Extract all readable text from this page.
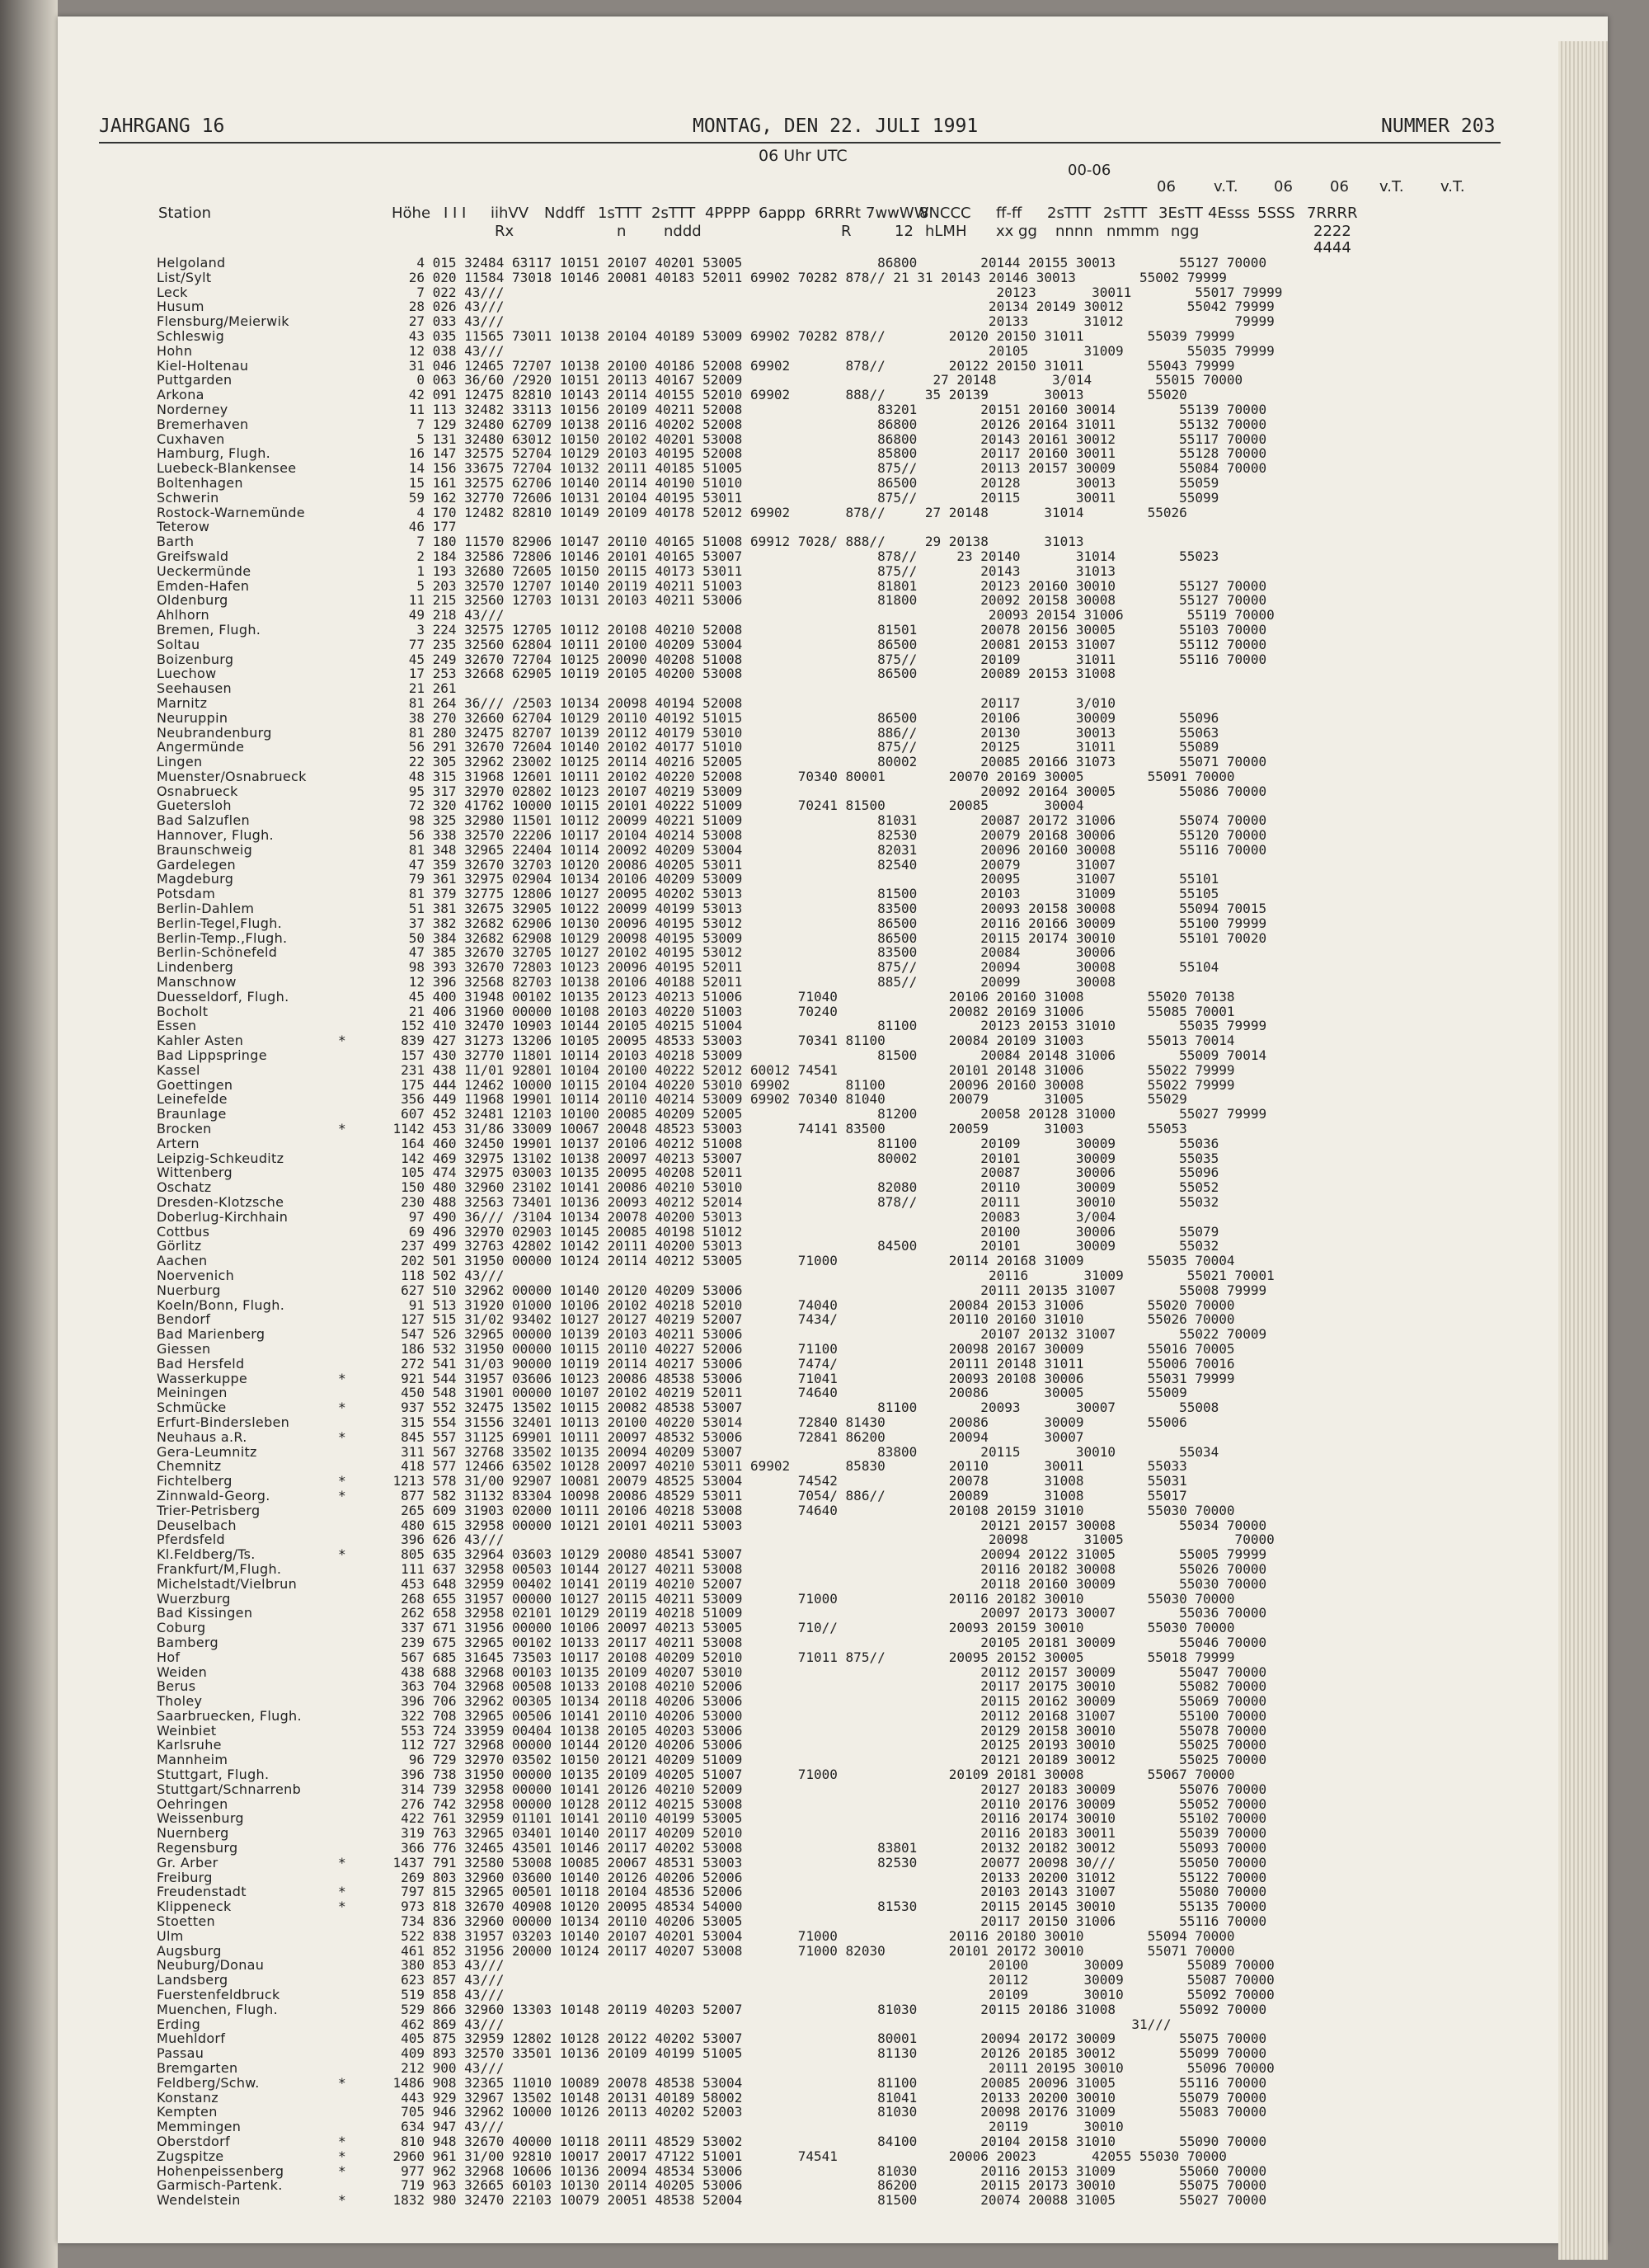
JAHRGANG 16	MONTAG, DEN 22. JULI 1991	NUMMER 203
06 Uhr UTC
00-06
06	v.T. 06	06 v.T. v.T.
Station	Höhe I I I iihVV Nddff 1sTTT 2sTTT 4PPPP 6appp 6RRRt 7wwWW
8NCCC ff-ff 2sTTT 2sTTT 3EsTT 4Esss 5SSS 7RRRR
Rx	n	nddd	R	12 hLMH xx gg nnnn nmmm ngg	2222
4444
Helgoland	4 015 32484 63117 10151 20107 40201 53005                 86800        20144 20155 30013        55127 70000
List/Sylt	26 020 11584 73018 10146 20081 40183 52011 69902 70282 878// 21 31 20143 20146 30013        55002 79999
Leck	7 022 43///                                                              20123       30011        55017 79999
Husum	28 026 43///                                                             20134 20149 30012        55042 79999
Flensburg/Meierwik	27 033 43///                                                             20133       31012              79999
Schleswig	43 035 11565 73011 10138 20104 40189 53009 69902 70282 878//        20120 20150 31011        55039 79999
Hohn	12 038 43///                                                             20105       31009        55035 79999
Kiel-Holtenau	31 046 12465 72707 10138 20100 40186 52008 69902       878//        20122 20150 31011        55043 79999
Puttgarden	0 063 36/60 /2920 10151 20113 40167 52009                        27 20148       3/014        55015 70000
Arkona	42 091 12475 82810 10143 20114 40155 52010 69902       888//     35 20139       30013        55020
Norderney	11 113 32482 33113 10156 20109 40211 52008                 83201        20151 20160 30014        55139 70000
Bremerhaven	7 129 32480 62709 10138 20116 40202 52008                 86800        20126 20164 31011        55132 70000
Cuxhaven	5 131 32480 63012 10150 20102 40201 53008                 86800        20143 20161 30012        55117 70000
Hamburg, Flugh.	16 147 32575 52704 10129 20103 40195 52008                 85800        20117 20160 30011        55128 70000
Luebeck-Blankensee	14 156 33675 72704 10132 20111 40185 51005                 875//        20113 20157 30009        55084 70000
Boltenhagen	15 161 32575 62706 10140 20114 40190 51010                 86500        20128       30013        55059
Schwerin	59 162 32770 72606 10131 20104 40195 53011                 875//        20115       30011        55099
Rostock-Warnemünde	4 170 12482 82810 10149 20109 40178 52012 69902       878//     27 20148       31014        55026
Teterow	46 177
Barth	7 180 11570 82906 10147 20110 40165 51008 69912 7028/ 888//     29 20138       31013
Greifswald	2 184 32586 72806 10146 20101 40165 53007                 878//     23 20140       31014        55023
Ueckermünde	1 193 32680 72605 10150 20115 40173 53011                 875//        20143       31013
Emden-Hafen	5 203 32570 12707 10140 20119 40211 51003                 81801        20123 20160 30010        55127 70000
Oldenburg	11 215 32560 12703 10131 20103 40211 53006                 81800        20092 20158 30008        55127 70000
Ahlhorn	49 218 43///                                                             20093 20154 31006        55119 70000
Bremen, Flugh.	3 224 32575 12705 10112 20108 40210 52008                 81501        20078 20156 30005        55103 70000
Soltau	77 235 32560 62804 10111 20100 40209 53004                 86500        20081 20153 31007        55112 70000
Boizenburg	45 249 32670 72704 10125 20090 40208 51008                 875//        20109       31011        55116 70000
Luechow	17 253 32668 62905 10119 20105 40200 53008                 86500        20089 20153 31008
Seehausen	21 261
Marnitz	81 264 36/// /2503 10134 20098 40194 52008                              20117       3/010
Neuruppin	38 270 32660 62704 10129 20110 40192 51015                 86500        20106       30009        55096
Neubrandenburg	81 280 32475 82707 10139 20112 40179 53010                 886//        20130       30013        55063
Angermünde	56 291 32670 72604 10140 20102 40177 51010                 875//        20125       31011        55089
Lingen	22 305 32962 23002 10125 20114 40216 52005                 80002        20085 20166 31073        55071 70000
Muenster/Osnabrueck	48 315 31968 12601 10111 20102 40220 52008       70340 80001        20070 20169 30005        55091 70000
Osnabrueck	95 317 32970 02802 10123 20107 40219 53009                              20092 20164 30005        55086 70000
Guetersloh	72 320 41762 10000 10115 20101 40222 51009       70241 81500        20085       30004
Bad Salzuflen	98 325 32980 11501 10112 20099 40221 51009                 81031        20087 20172 31006        55074 70000
Hannover, Flugh.	56 338 32570 22206 10117 20104 40214 53008                 82530        20079 20168 30006        55120 70000
Braunschweig	81 348 32965 22404 10114 20092 40209 53004                 82031        20096 20160 30008        55116 70000
Gardelegen	47 359 32670 32703 10120 20086 40205 53011                 82540        20079       31007
Magdeburg	79 361 32975 02904 10134 20106 40209 53009                              20095       31007        55101
Potsdam	81 379 32775 12806 10127 20095 40202 53013                 81500        20103       31009        55105
Berlin-Dahlem	51 381 32675 32905 10122 20099 40199 53013                 83500        20093 20158 30008        55094 70015
Berlin-Tegel,Flugh.	37 382 32682 62906 10130 20096 40195 53012                 86500        20116 20166 30009        55100 79999
Berlin-Temp.,Flugh.	50 384 32682 62908 10129 20098 40195 53009                 86500        20115 20174 30010        55101 70020
Berlin-Schönefeld	47 385 32670 32705 10127 20102 40195 53012                 83500        20084       30006
Lindenberg	98 393 32670 72803 10123 20096 40195 52011                 875//        20094       30008        55104
Manschnow	12 396 32568 82703 10138 20106 40188 52011                 885//        20099       30008
Duesseldorf, Flugh.	45 400 31948 00102 10135 20123 40213 51006       71040              20106 20160 31008        55020 70138
Bocholt	21 406 31960 00000 10108 20103 40220 51003       70240              20082 20169 31006        55085 70001
Essen	152 410 32470 10903 10144 20105 40215 51004                 81100        20123 20153 31010        55035 79999
Kahler Asten	*	839 427 31273 13206 10105 20095 48533 53003       70341 81100        20084 20109 31003        55013 70014
Bad Lippspringe	157 430 32770 11801 10114 20103 40218 53009                 81500        20084 20148 31006        55009 70014
Kassel	231 438 11/01 92801 10104 20100 40222 52012 60012 74541              20101 20148 31006        55022 79999
Goettingen	175 444 12462 10000 10115 20104 40220 53010 69902       81100        20096 20160 30008        55022 79999
Leinefelde	356 449 11968 19901 10114 20110 40214 53009 69902 70340 81040        20079       31005        55029
Braunlage	607 452 32481 12103 10100 20085 40209 52005                 81200        20058 20128 31000        55027 79999
Brocken	*	1142 453 31/86 33009 10067 20048 48523 53003       74141 83500        20059       31003        55053
Artern	164 460 32450 19901 10137 20106 40212 51008                 81100        20109       30009        55036
Leipzig-Schkeuditz	142 469 32975 13102 10138 20097 40213 53007                 80002        20101       30009        55035
Wittenberg	105 474 32975 03003 10135 20095 40208 52011                              20087       30006        55096
Oschatz	150 480 32960 23102 10141 20086 40210 53010                 82080        20110       30009        55052
Dresden-Klotzsche	230 488 32563 73401 10136 20093 40212 52014                 878//        20111       30010        55032
Doberlug-Kirchhain	97 490 36/// /3104 10134 20078 40200 53013                              20083       3/004
Cottbus	69 496 32970 02903 10145 20085 40198 51012                              20100       30006        55079
Görlitz	237 499 32763 42802 10142 20111 40200 53013                 84500        20101       30009        55032
Aachen	202 501 31950 00000 10124 20114 40212 53005       71000              20114 20168 31009        55035 70004
Noervenich	118 502 43///                                                             20116       31009        55021 70001
Nuerburg	627 510 32962 00000 10140 20120 40209 53006                              20111 20135 31007        55008 79999
Koeln/Bonn, Flugh.	91 513 31920 01000 10106 20102 40218 52010       74040              20084 20153 31006        55020 70000
Bendorf	127 515 31/02 93402 10127 20127 40219 52007       7434/              20110 20160 31010        55026 70000
Bad Marienberg	547 526 32965 00000 10139 20103 40211 53006                              20107 20132 31007        55022 70009
Giessen	186 532 31950 00000 10115 20110 40227 52006       71100              20098 20167 30009        55016 70005
Bad Hersfeld	272 541 31/03 90000 10119 20114 40217 53006       7474/              20111 20148 31011        55006 70016
Wasserkuppe	*	921 544 31957 03606 10123 20086 48538 53006       71041              20093 20108 30006        55031 79999
Meiningen	450 548 31901 00000 10107 20102 40219 52011       74640              20086       30005        55009
Schmücke	*	937 552 32475 13502 10115 20082 48538 53007                 81100        20093       30007        55008
Erfurt-Bindersleben	315 554 31556 32401 10113 20100 40220 53014       72840 81430        20086       30009        55006
Neuhaus a.R.	*	845 557 31125 69901 10111 20097 48532 53006       72841 86200        20094       30007
Gera-Leumnitz	311 567 32768 33502 10135 20094 40209 53007                 83800        20115       30010        55034
Chemnitz	418 577 12466 63502 10128 20097 40210 53011 69902       85830        20110       30011        55033
Fichtelberg	*	1213 578 31/00 92907 10081 20079 48525 53004       74542              20078       31008        55031
Zinnwald-Georg.	*	877 582 31132 83304 10098 20086 48529 53011       7054/ 886//        20089       31008        55017
Trier-Petrisberg	265 609 31903 02000 10111 20106 40218 53008       74640              20108 20159 31010        55030 70000
Deuselbach	480 615 32958 00000 10121 20101 40211 53003                              20121 20157 30008        55034 70000
Pferdsfeld	396 626 43///                                                             20098       31005              70000
Kl.Feldberg/Ts.	*	805 635 32964 03603 10129 20080 48541 53007                              20094 20122 31005        55005 79999
Frankfurt/M,Flugh.	111 637 32958 00503 10144 20127 40211 53008                              20116 20182 30008        55026 70000
Michelstadt/Vielbrun	453 648 32959 00402 10141 20119 40210 52007                              20118 20160 30009        55030 70000
Wuerzburg	268 655 31957 00000 10127 20115 40211 53009       71000              20116 20182 30010        55030 70000
Bad Kissingen	262 658 32958 02101 10129 20119 40218 51009                              20097 20173 30007        55036 70000
Coburg	337 671 31956 00000 10106 20097 40213 53005       710//              20093 20159 30010        55030 70000
Bamberg	239 675 32965 00102 10133 20117 40211 53008                              20105 20181 30009        55046 70000
Hof	567 685 31645 73503 10117 20108 40209 52010       71011 875//        20095 20152 30005        55018 79999
Weiden	438 688 32968 00103 10135 20109 40207 53010                              20112 20157 30009        55047 70000
Berus	363 704 32968 00508 10133 20108 40210 52006                              20117 20175 30010        55082 70000
Tholey	396 706 32962 00305 10134 20118 40206 53006                              20115 20162 30009        55069 70000
Saarbruecken, Flugh.	322 708 32965 00506 10141 20110 40206 53000                              20112 20168 31007        55100 70000
Weinbiet	553 724 33959 00404 10138 20105 40203 53006                              20129 20158 30010        55078 70000
Karlsruhe	112 727 32968 00000 10144 20120 40206 53006                              20125 20193 30010        55025 70000
Mannheim	96 729 32970 03502 10150 20121 40209 51009                              20121 20189 30012        55025 70000
Stuttgart, Flugh.	396 738 31950 00000 10135 20109 40205 51007       71000              20109 20181 30008        55067 70000
Stuttgart/Schnarrenb	314 739 32958 00000 10141 20126 40210 52009                              20127 20183 30009        55076 70000
Oehringen	276 742 32958 00000 10128 20112 40215 53008                              20110 20176 30009        55052 70000
Weissenburg	422 761 32959 01101 10141 20110 40199 53005                              20116 20174 30010        55102 70000
Nuernberg	319 763 32965 03401 10140 20117 40209 52010                              20116 20183 30011        55039 70000
Regensburg	366 776 32465 43501 10146 20117 40202 53008                 83801        20132 20182 30012        55093 70000
Gr. Arber	*	1437 791 32580 53008 10085 20067 48531 53003                 82530        20077 20098 30///        55050 70000
Freiburg	269 803 32960 03600 10140 20126 40206 52006                              20133 20200 31012        55122 70000
Freudenstadt	*	797 815 32965 00501 10118 20104 48536 52006                              20103 20143 31007        55080 70000
Klippeneck	*	973 818 32670 40908 10120 20095 48534 54000                 81530        20115 20145 30010        55135 70000
Stoetten	734 836 32960 00000 10134 20110 40206 53005                              20117 20150 31006        55116 70000
Ulm	522 838 31957 03203 10140 20107 40201 53004       71000              20116 20180 30010        55094 70000
Augsburg	461 852 31956 20000 10124 20117 40207 53008       71000 82030        20101 20172 30010        55071 70000
Neuburg/Donau	380 853 43///                                                             20100       30009        55089 70000
Landsberg	623 857 43///                                                             20112       30009        55087 70000
Fuerstenfeldbruck	519 858 43///                                                             20109       30010        55092 70000
Muenchen, Flugh.	529 866 32960 13303 10148 20119 40203 52007                 81030        20115 20186 31008        55092 70000
Erding	462 869 43///                                                                               31///
Muehldorf	405 875 32959 12802 10128 20122 40202 53007                 80001        20094 20172 30009        55075 70000
Passau	409 893 32570 33501 10136 20109 40199 51005                 81130        20126 20185 30012        55099 70000
Bremgarten	212 900 43///                                                             20111 20195 30010        55096 70000
Feldberg/Schw.	*	1486 908 32365 11010 10089 20078 48538 53004                 81100        20085 20096 31005        55116 70000
Konstanz	443 929 32967 13502 10148 20131 40189 58002                 81041        20133 20200 30010        55079 70000
Kempten	705 946 32962 10000 10126 20113 40202 52003                 81030        20098 20176 31009        55083 70000
Memmingen	634 947 43///                                                             20119       30010
Oberstdorf	*	810 948 32670 40000 10118 20111 48529 53002                 84100        20104 20158 31010        55090 70000
Zugspitze	*	2960 961 31/00 92810 10017 20017 47122 51001       74541              20006 20023       42055 55030 70000
Hohenpeissenberg	*	977 962 32968 10606 10136 20094 48534 53006                 81030        20116 20153 31009        55060 70000
Garmisch-Partenk.	719 963 32665 60103 10130 20114 40205 53006                 86200        20115 20173 30010        55075 70000
Wendelstein	*	1832 980 32470 22103 10079 20051 48538 52004                 81500        20074 20088 31005        55027 70000
